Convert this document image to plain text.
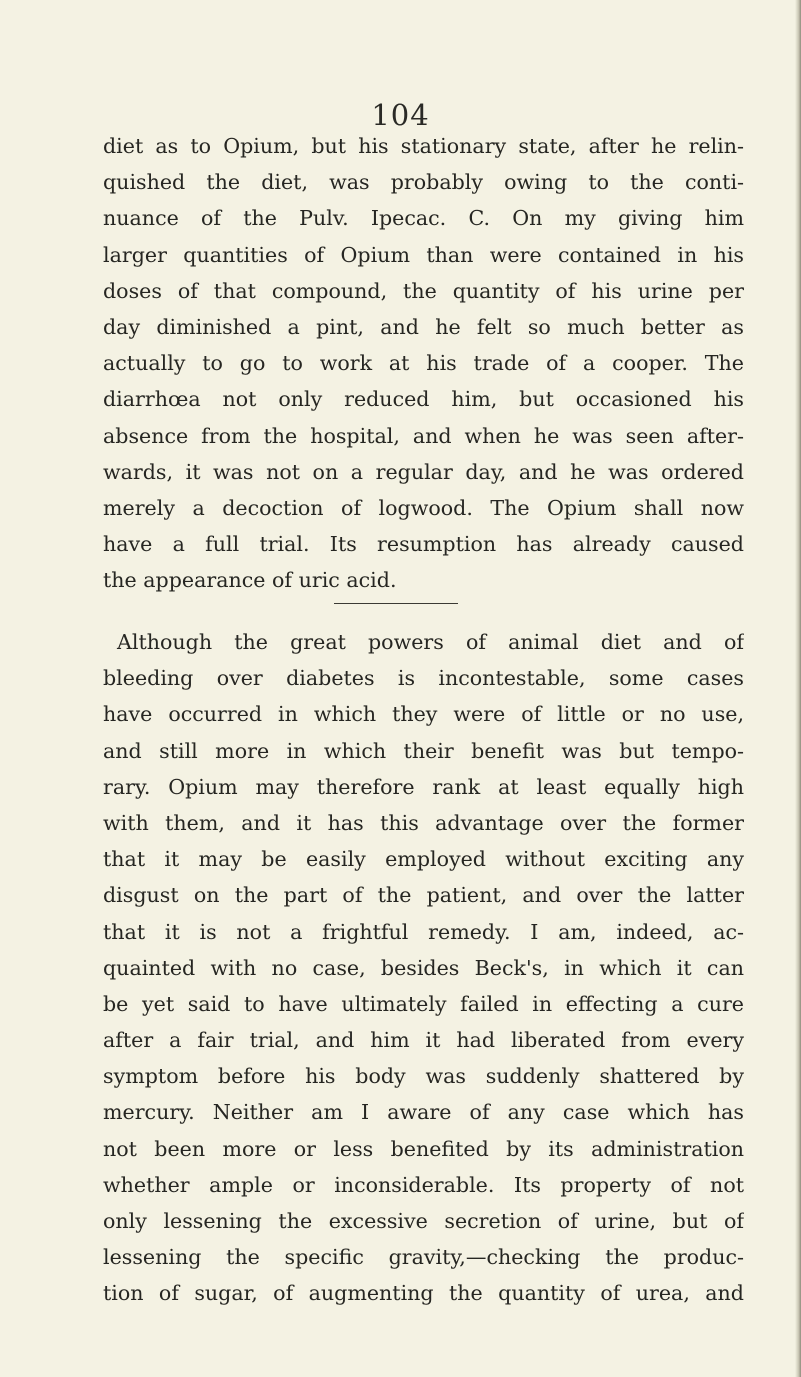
104
diet as to Opium, but his stationary state, after he relin-
quished the diet, was probably owing to the conti-
nuance of the Pulv. Ipecac. C. On my giving him
larger quantities of Opium than were contained in his
doses of that compound, the quantity of his urine per
day diminished a pint, and he felt so much better as
actually to go to work at his trade of a cooper. The
diarrhœa not only reduced him, but occasioned his
absence from the hospital, and when he was seen after-
wards, it was not on a regular day, and he was ordered
merely a decoction of logwood. The Opium shall now
have a full trial. Its resumption has already caused
the appearance of uric acid.
Although the great powers of animal diet and of
bleeding over diabetes is incontestable, some cases
have occurred in which they were of little or no use,
and still more in which their benefit was but tempo-
rary. Opium may therefore rank at least equally high
with them, and it has this advantage over the former
that it may be easily employed without exciting any
disgust on the part of the patient, and over the latter
that it is not a frightful remedy. I am, indeed, ac-
quainted with no case, besides Beck's, in which it can
be yet said to have ultimately failed in effecting a cure
after a fair trial, and him it had liberated from every
symptom before his body was suddenly shattered by
mercury. Neither am I aware of any case which has
not been more or less benefited by its administration
whether ample or inconsiderable. Its property of not
only lessening the excessive secretion of urine, but of
lessening the specific gravity,—checking the produc-
tion of sugar, of augmenting the quantity of urea, and
